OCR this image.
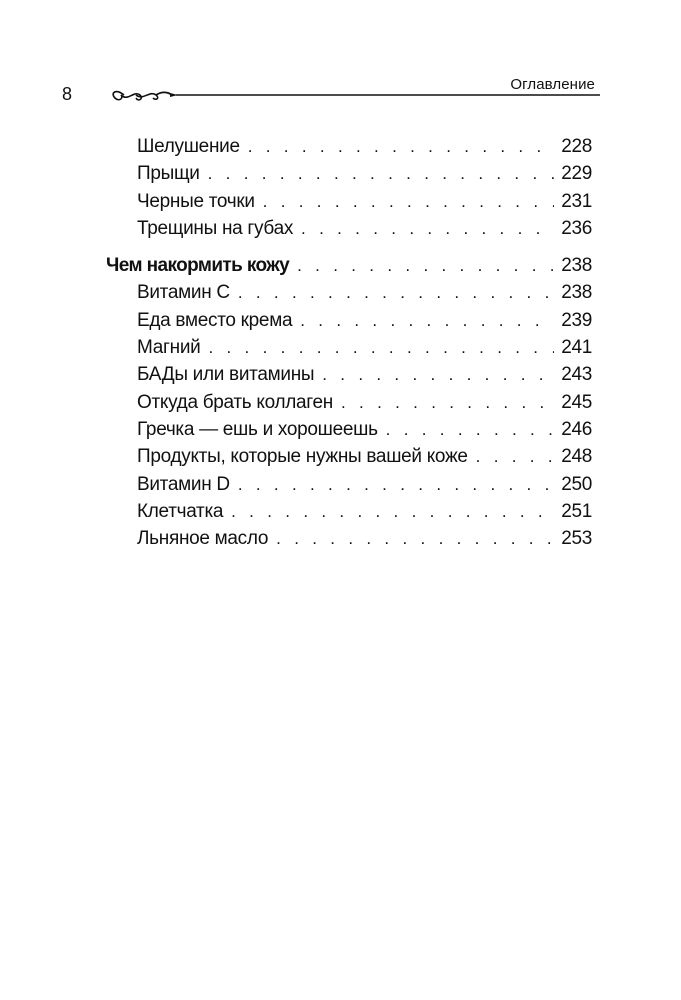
8	Оглавление
Шелушение . . .	228
Прыщи . . .	229
Черные точки . . .	231
Трещины на губах . . .	236
Чем накормить кожу . . .	238
Витамин С . . .	238
Еда вместо крема . . .	239
Магний . . .	241
БАДы или витамины . . .	243
Откуда брать коллаген . . .	245
Гречка — ешь и хорошеешь . . .	246
Продукты, которые нужны вашей коже . . .	248
Витамин D . . .	250
Клетчатка . . .	251
Льняное масло . . .	253
